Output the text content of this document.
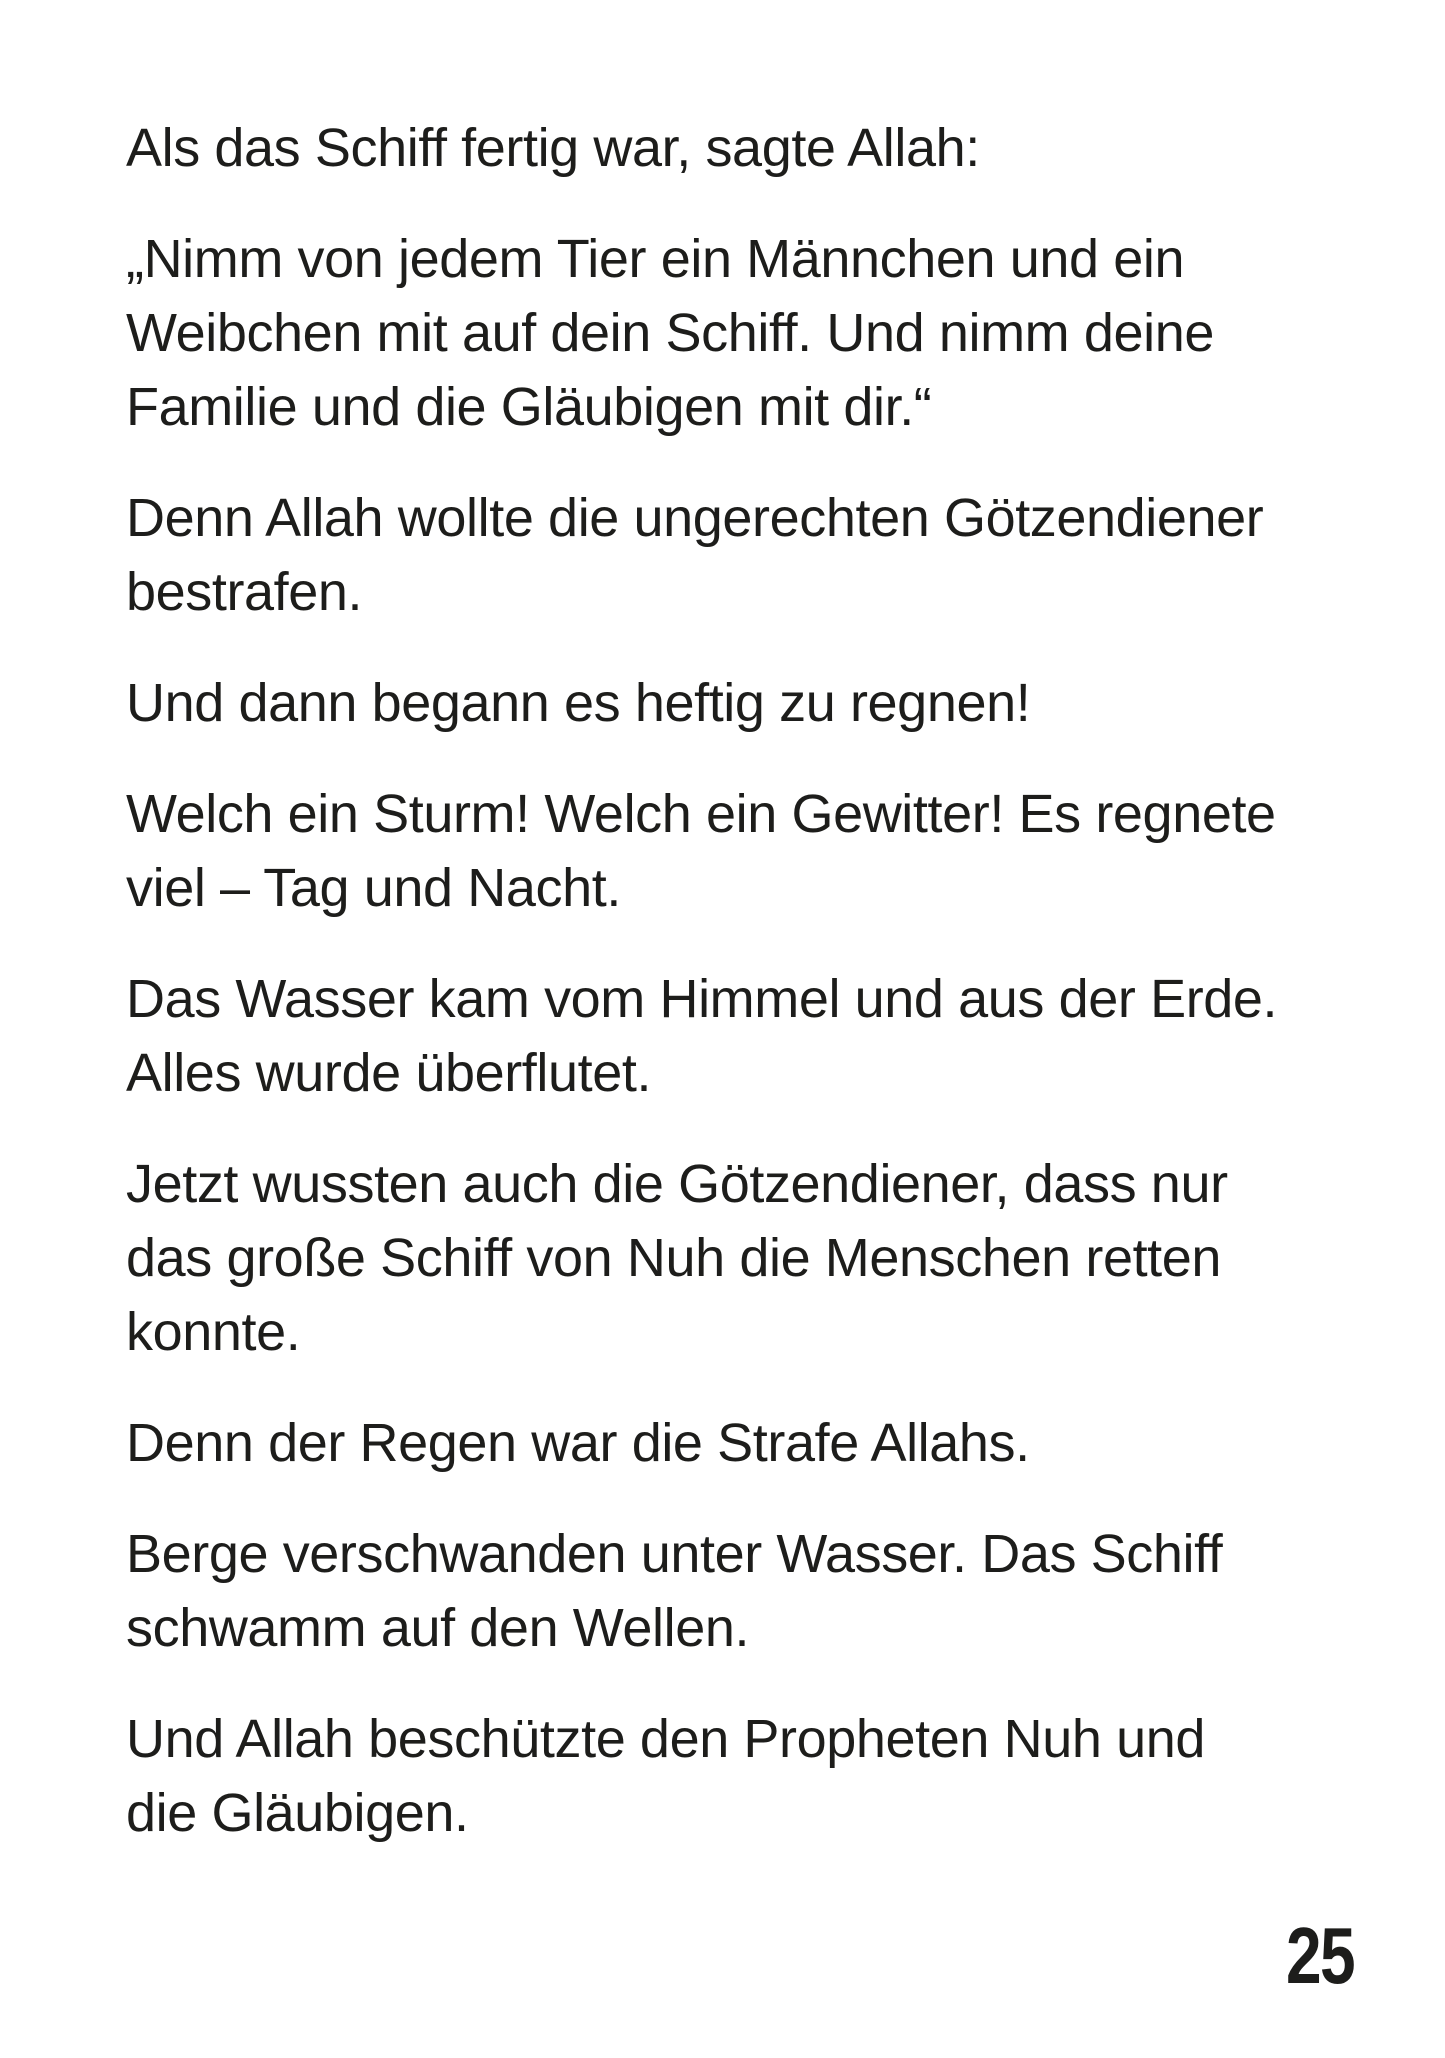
Als das Schiff fertig war, sagte Allah:
„Nimm von jedem Tier ein Männchen und ein
Weibchen mit auf dein Schiff. Und nimm deine
Familie und die Gläubigen mit dir.“
Denn Allah wollte die ungerechten Götzendiener
bestrafen.
Und dann begann es heftig zu regnen!
Welch ein Sturm! Welch ein Gewitter! Es regnete
viel – Tag und Nacht.
Das Wasser kam vom Himmel und aus der Erde.
Alles wurde überflutet.
Jetzt wussten auch die Götzendiener, dass nur
das große Schiff von Nuh die Menschen retten
konnte.
Denn der Regen war die Strafe Allahs.
Berge verschwanden unter Wasser. Das Schiff
schwamm auf den Wellen.
Und Allah beschützte den Propheten Nuh und
die Gläubigen.
25
